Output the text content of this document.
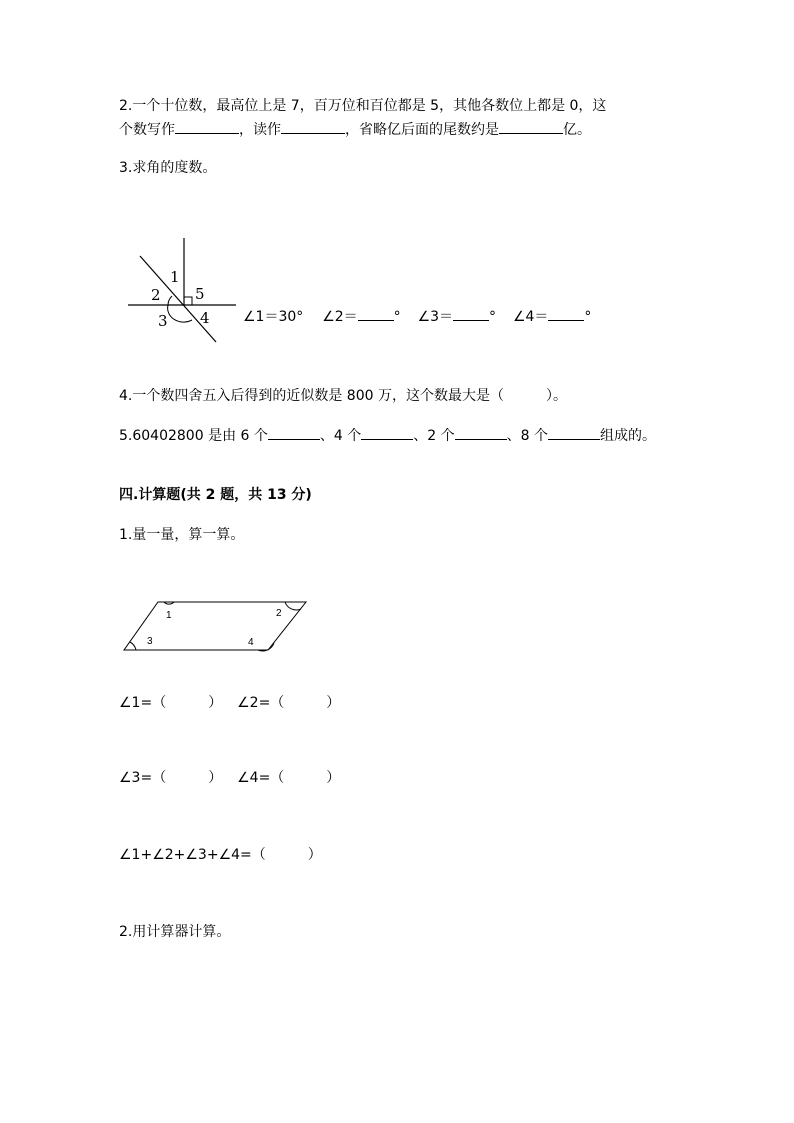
2.一个十位数，最高位上是 7，百万位和百位都是 5，其他各数位上都是 0，这
个数写作	，读作	，省略亿后面的尾数约是	亿。
3.求角的度数。
1
2
3 4
5
∠1＝30° ∠2＝	° ∠3＝	° ∠4＝	°
4.一个数四舍五入后得到的近似数是 800 万，这个数最大是（　　　）。
5.60402800 是由 6 个	、4 个	、2 个	、8 个	组成的。
四.计算题(共 2 题，共 13 分)
1.量一量，算一算。
1	2
3	4
∠1=（　　　） ∠2=（　　　）
∠3=（　　　） ∠4=（　　　）
∠1+∠2+∠3+∠4=（　　　）
2.用计算器计算。
